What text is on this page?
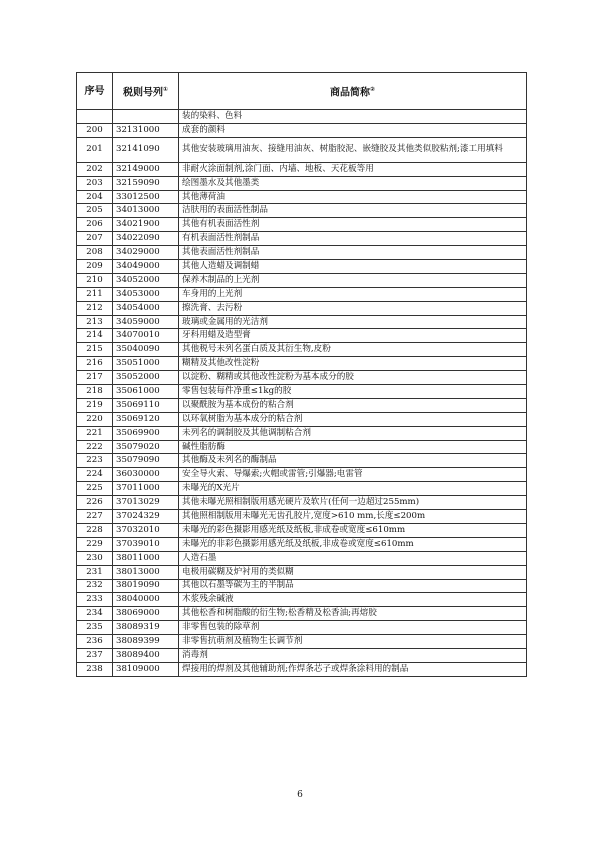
序号	税则号列①	商品简称②
		装的染料、色料
200	32131000	成套的颜料
201	32141090	其他安装玻璃用油灰、接缝用油灰、树脂胶泥、嵌缝胶及其他类似胶粘剂;漆工用填料
202	32149000	非耐火涂面制剂,涂门面、内墙、地板、天花板等用
203	32159090	绘图墨水及其他墨类
204	33012500	其他薄荷油
205	34013000	洁肤用的表面活性制品
206	34021900	其他有机表面活性剂
207	34022090	有机表面活性剂制品
208	34029000	其他表面活性剂制品
209	34049000	其他人造蜡及调制蜡
210	34052000	保养木制品的上光剂
211	34053000	车身用的上光剂
212	34054000	擦洗膏、去污粉
213	34059000	玻璃或金属用的光洁剂
214	34070010	牙科用蜡及造型膏
215	35040090	其他税号未列名蛋白质及其衍生物,皮粉
216	35051000	糊精及其他改性淀粉
217	35052000	以淀粉、糊精或其他改性淀粉为基本成分的胶
218	35061000	零售包装每件净重≤1kg的胶
219	35069110	以聚酰胺为基本成份的粘合剂
220	35069120	以环氧树脂为基本成分的粘合剂
221	35069900	未列名的调制胶及其他调制粘合剂
222	35079020	碱性脂肪酶
223	35079090	其他酶及未列名的酶制品
224	36030000	安全导火索、导爆索;火帽或雷管;引爆器;电雷管
225	37011000	未曝光的X光片
226	37013029	其他未曝光照相制版用感光硬片及软片(任何一边超过255mm)
227	37024329	其他照相制版用未曝光无齿孔胶片,宽度>610 mm,长度≤200m
228	37032010	未曝光的彩色摄影用感光纸及纸板,非成卷或宽度≤610mm
229	37039010	未曝光的非彩色摄影用感光纸及纸板,非成卷或宽度≤610mm
230	38011000	人造石墨
231	38013000	电极用碳糊及炉衬用的类似糊
232	38019090	其他以石墨等碳为主的半制品
233	38040000	木浆残余碱液
234	38069000	其他松香和树脂酸的衍生物;松香精及松香油;再熔胶
235	38089319	非零售包装的除草剂
236	38089399	非零售抗萌剂及植物生长调节剂
237	38089400	消毒剂
238	38109000	焊接用的焊剂及其他辅助剂;作焊条芯子或焊条涂料用的制品
6
